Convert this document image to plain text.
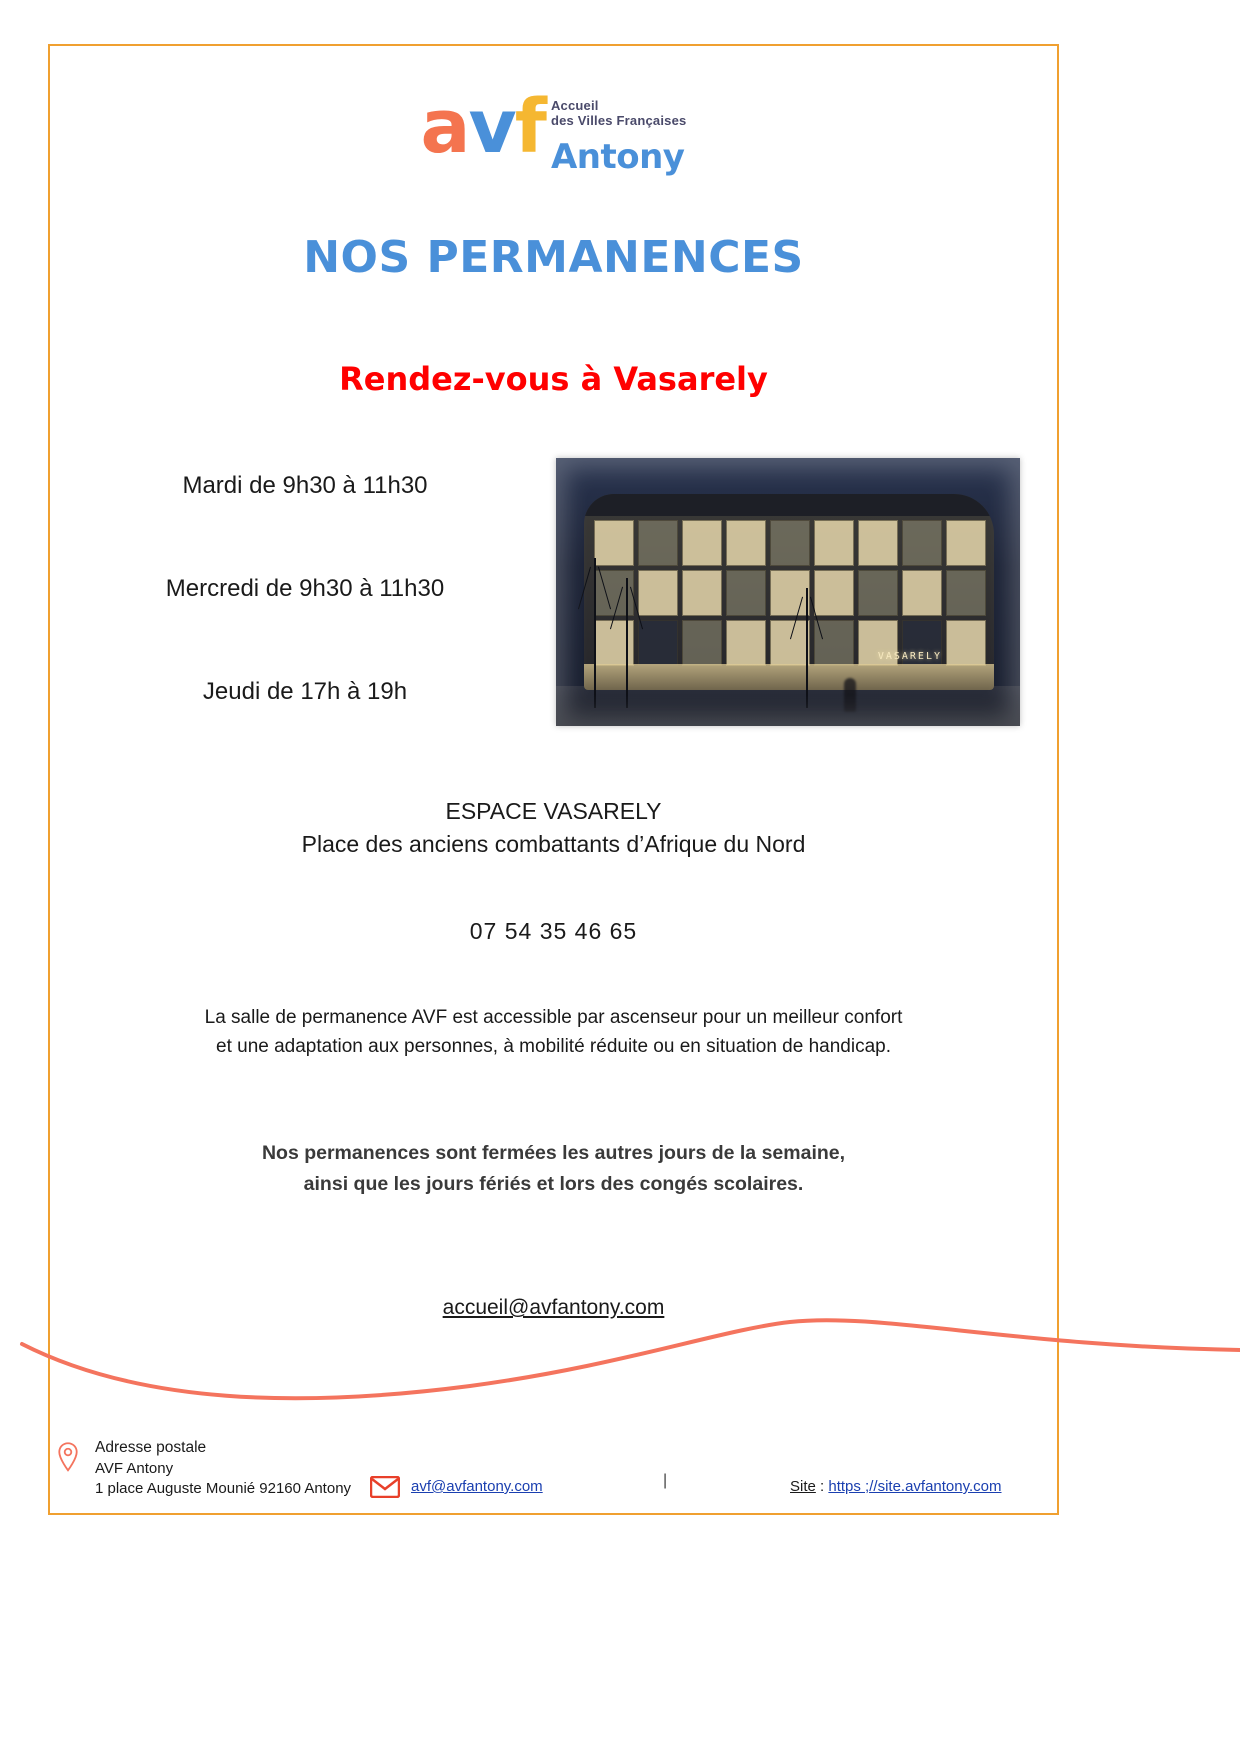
a v f Accueil
des Villes Françaises
Antony
NOS PERMANENCES
Rendez-vous à Vasarely
Mardi de 9h30 à 11h30
Mercredi de 9h30 à 11h30
Jeudi de 17h à 19h
VASARELY
ESPACE VASARELY
Place des anciens combattants d’Afrique du Nord
07 54 35 46 65
La salle de permanence AVF est accessible par ascenseur pour un meilleur confort
et une adaptation aux personnes, à mobilité réduite ou en situation de handicap.
Nos permanences sont fermées les autres jours de la semaine,
ainsi que les jours fériés et lors des congés scolaires.
accueil@avfantony.com
Adresse postale
AVF Antony
1 place Auguste Mounié 92160 Antony	avf@avfantony.com	|	Site : https ;//site.avfantony.com
